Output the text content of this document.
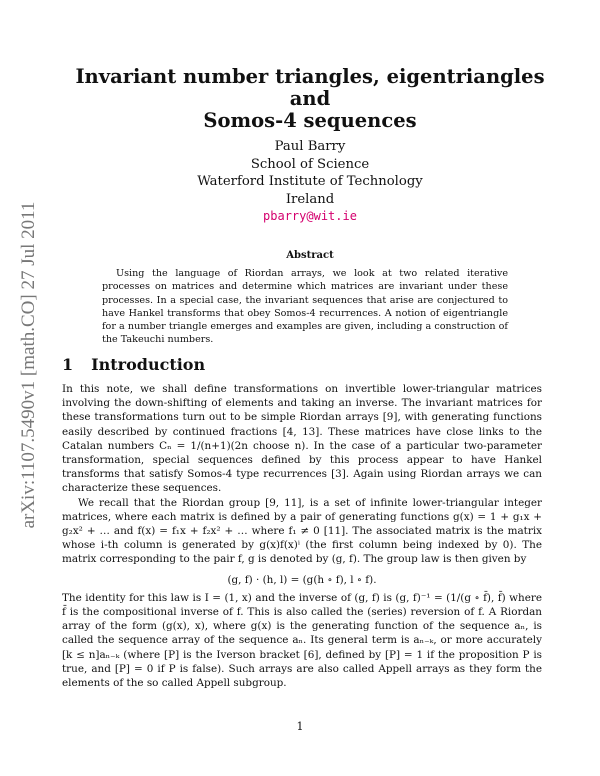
arXiv:1107.5490v1 [math.CO] 27 Jul 2011
Invariant number triangles, eigentriangles and
Somos-4 sequences
Paul Barry
School of Science
Waterford Institute of Technology
Ireland
pbarry@wit.ie
Abstract
Using the language of Riordan arrays, we look at two related iterative processes on matrices and determine which matrices are invariant under these processes. In a special case, the invariant sequences that arise are conjectured to have Hankel transforms that obey Somos-4 recurrences. A notion of eigentriangle for a number triangle emerges and examples are given, including a construction of the Takeuchi numbers.
1 Introduction

In this note, we shall define transformations on invertible lower-triangular matrices involving the down-shifting of elements and taking an inverse. The invariant matrices for these transformations turn out to be simple Riordan arrays [9], with generating functions easily described by continued fractions [4, 13]. These matrices have close links to the Catalan numbers Cₙ = 1/(n+1)(2n choose n). In the case of a particular two-parameter transformation, special sequences defined by this process appear to have Hankel transforms that satisfy Somos-4 type recurrences [3]. Again using Riordan arrays we can characterize these sequences.

We recall that the Riordan group [9, 11], is a set of infinite lower-triangular integer matrices, where each matrix is defined by a pair of generating functions g(x) = 1 + g₁x + g₂x² + … and f(x) = f₁x + f₂x² + … where f₁ ≠ 0 [11]. The associated matrix is the matrix whose i-th column is generated by g(x)f(x)ⁱ (the first column being indexed by 0). The matrix corresponding to the pair f, g is denoted by (g, f). The group law is then given by

(g, f) · (h, l) = (g(h ∘ f), l ∘ f).

The identity for this law is I = (1, x) and the inverse of (g, f) is (g, f)⁻¹ = (1/(g ∘ f̄), f̄) where f̄ is the compositional inverse of f. This is also called the (series) reversion of f. A Riordan array of the form (g(x), x), where g(x) is the generating function of the sequence aₙ, is called the sequence array of the sequence aₙ. Its general term is aₙ₋ₖ, or more accurately [k ≤ n]aₙ₋ₖ (where [P] is the Iverson bracket [6], defined by [P] = 1 if the proposition P is true, and [P] = 0 if P is false). Such arrays are also called Appell arrays as they form the elements of the so called Appell subgroup.

1
